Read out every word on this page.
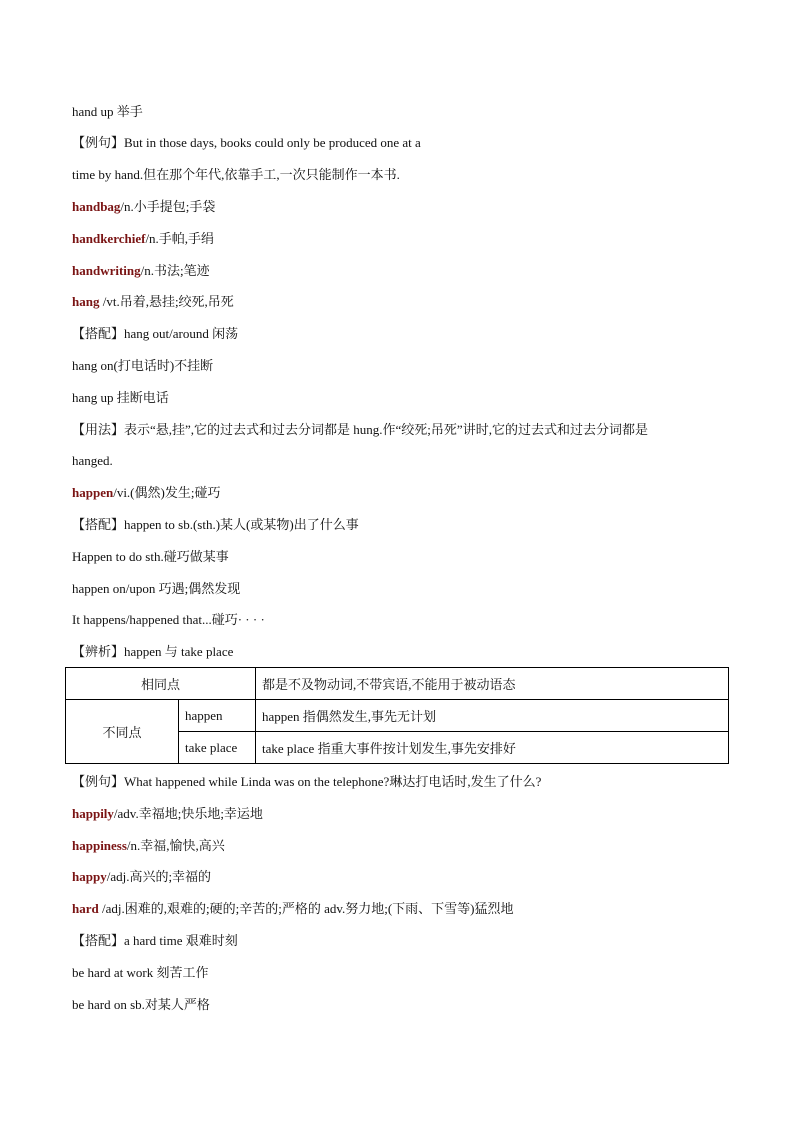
hand up 举手
【例句】But in those days, books could only be produced one at a
time by hand.但在那个年代,依靠手工,一次只能制作一本书.
handbag/n.小手提包;手袋
handkerchief/n.手帕,手绢
handwriting/n.书法;笔迹
hang /vt.吊着,悬挂;绞死,吊死
【搭配】hang out/around 闲荡
hang on(打电话时)不挂断
hang up 挂断电话
【用法】表示“悬,挂”,它的过去式和过去分词都是 hung.作“绞死;吊死”讲时,它的过去式和过去分词都是
hanged.
happen/vi.(偶然)发生;碰巧
【搭配】happen to sb.(sth.)某人(或某物)出了什么事
Happen to do sth.碰巧做某事
happen on/upon 巧遇;偶然发现
It happens/happened that...碰巧· · · ·
【辨析】happen 与 take place
相同点		都是不及物动词,不带宾语,不能用于被动语态
不同点	happen	happen 指偶然发生,事先无计划
	take place	take place 指重大事件按计划发生,事先安排好
【例句】What happened while Linda was on the telephone?琳达打电话时,发生了什么?
happily/adv.幸福地;快乐地;幸运地
happiness/n.幸福,愉快,高兴
happy/adj.高兴的;幸福的
hard /adj.困难的,艰难的;硬的;辛苦的;严格的 adv.努力地;(下雨、下雪等)猛烈地
【搭配】a hard time 艰难时刻
be hard at work 刻苦工作
be hard on sb.对某人严格
